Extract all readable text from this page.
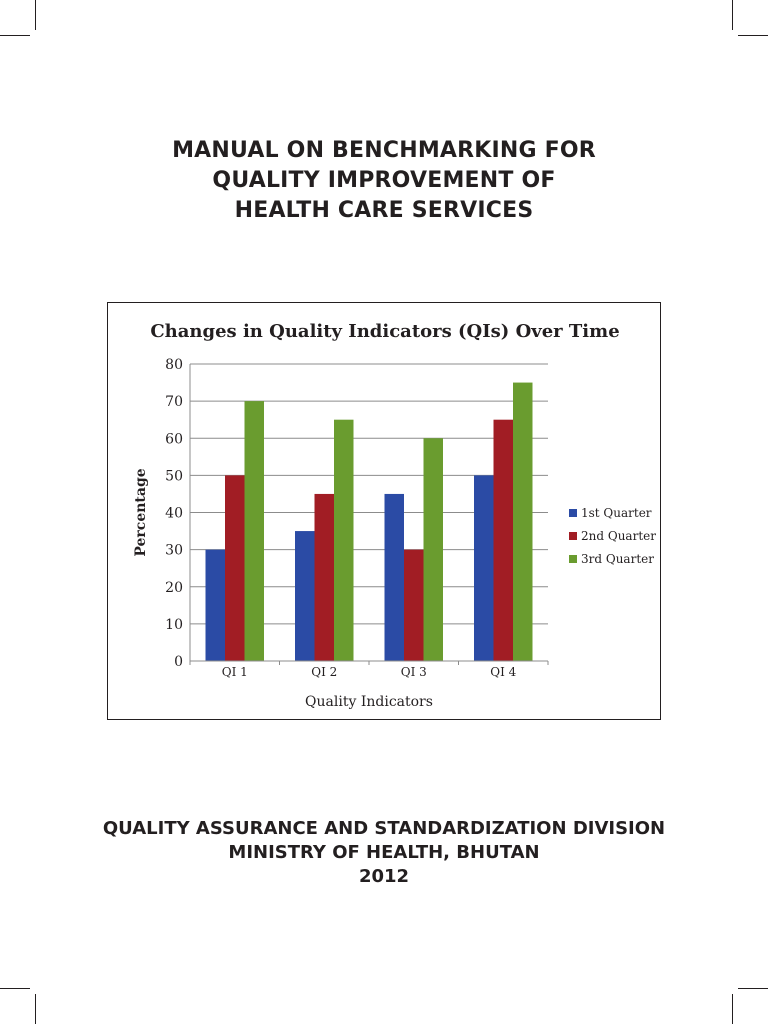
MANUAL ON BENCHMARKING FOR
QUALITY IMPROVEMENT OF
HEALTH CARE SERVICES
0
10
20
30
40
50
60
70
80
QI 1	QI 2	QI 3	QI 4
Changes in Quality Indicators (QIs) Over Time
Quality Indicators
Percentage	1st Quarter
2nd Quarter
3rd Quarter
QUALITY ASSURANCE AND STANDARDIZATION DIVISION
MINISTRY OF HEALTH, BHUTAN
2012
